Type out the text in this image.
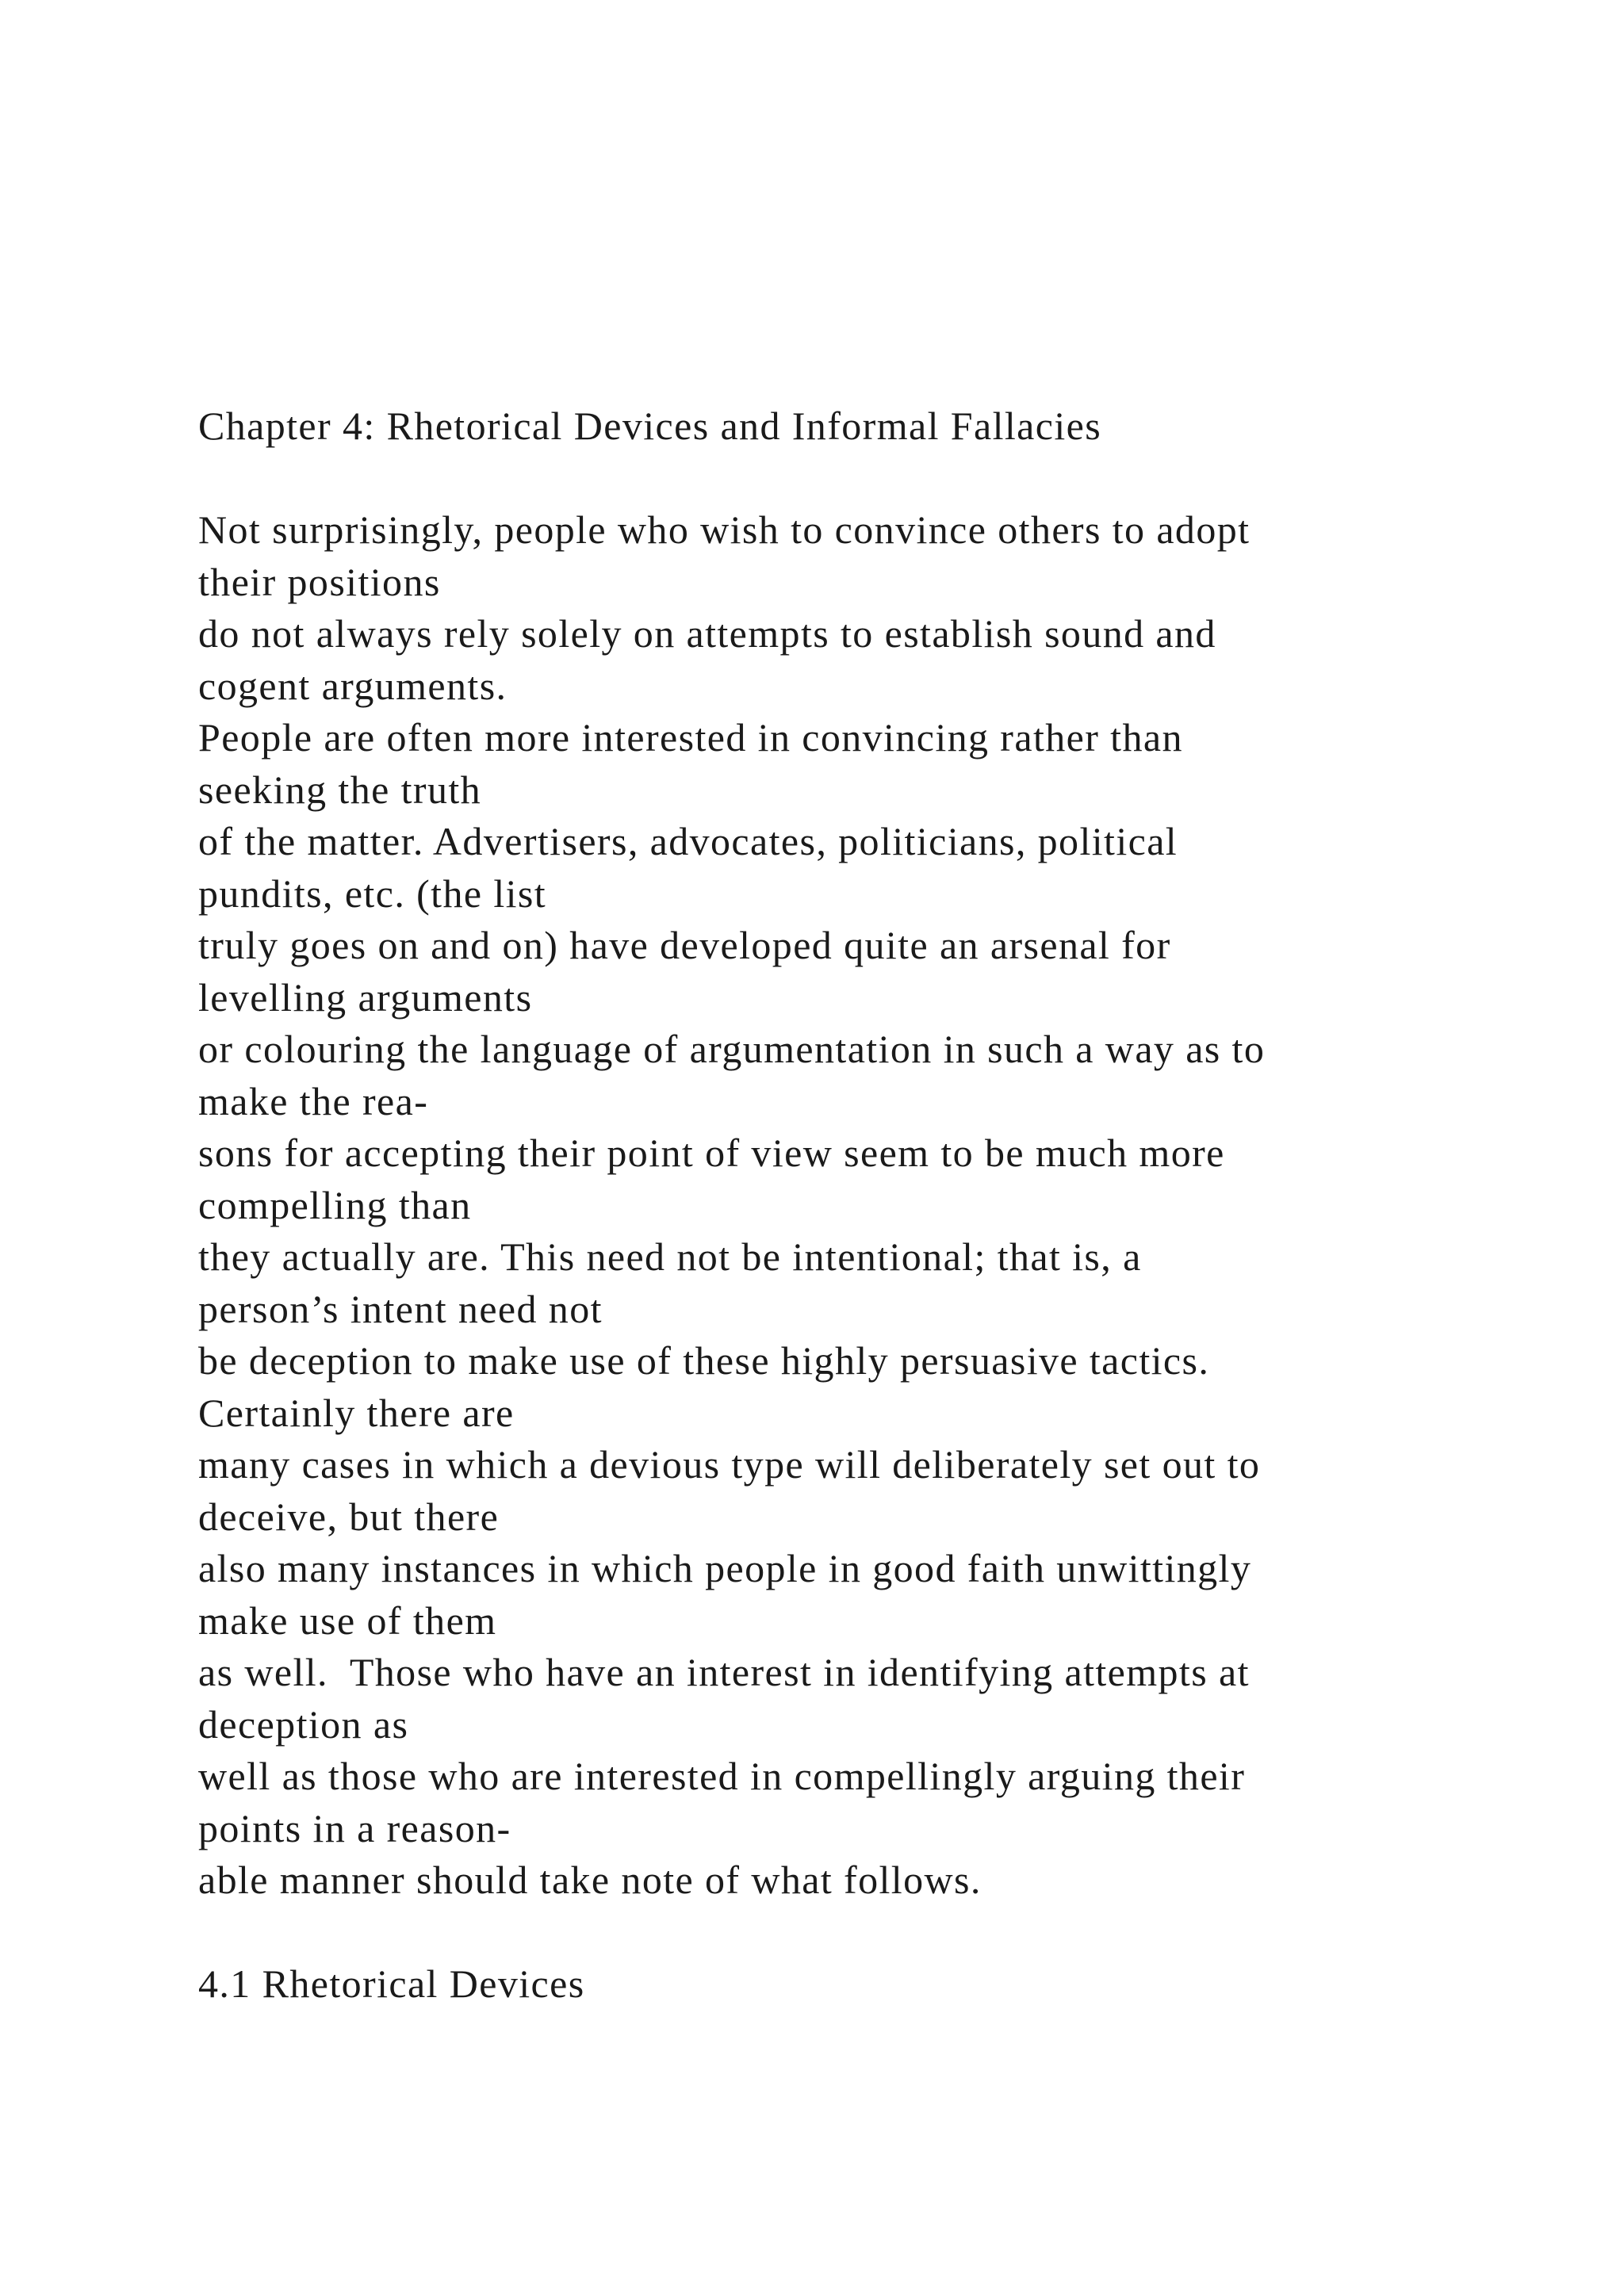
Chapter 4: Rhetorical Devices and Informal Fallacies
Not surprisingly, people who wish to convince others to adopt
their positions
do not always rely solely on attempts to establish sound and
cogent arguments.
People are often more interested in convincing rather than
seeking the truth
of the matter. Advertisers, advocates, politicians, political
pundits, etc. (the list
truly goes on and on) have developed quite an arsenal for
levelling arguments
or colouring the language of argumentation in such a way as to
make the rea-
sons for accepting their point of view seem to be much more
compelling than
they actually are. This need not be intentional; that is, a
person’s intent need not
be deception to make use of these highly persuasive tactics.
Certainly there are
many cases in which a devious type will deliberately set out to
deceive, but there
also many instances in which people in good faith unwittingly
make use of them
as well.  Those who have an interest in identifying attempts at
deception as
well as those who are interested in compellingly arguing their
points in a reason-
able manner should take note of what follows.
4.1 Rhetorical Devices
